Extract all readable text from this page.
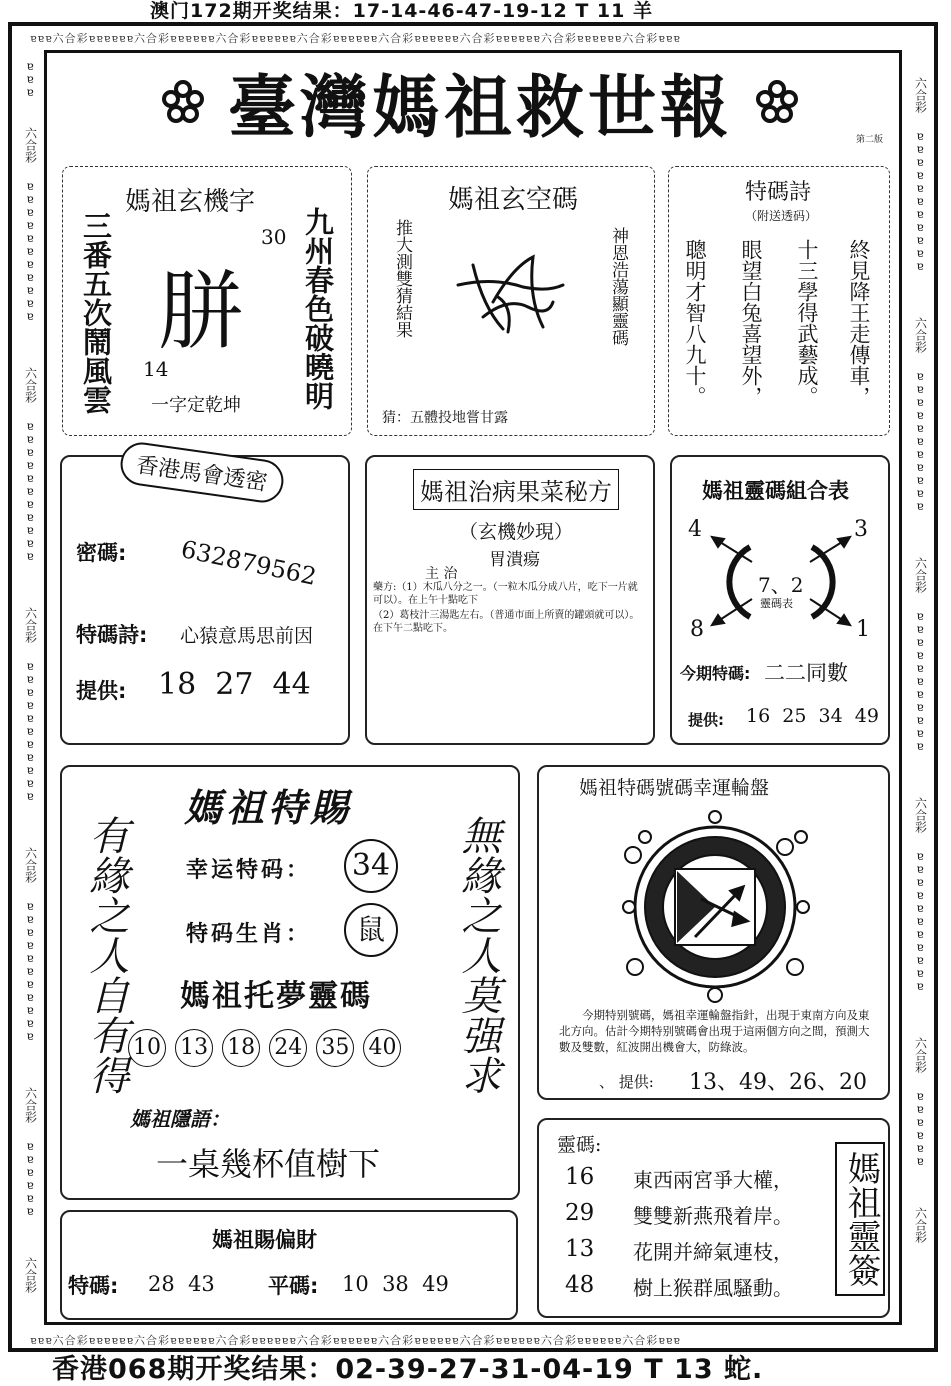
澳门172期开奖结果：17-14-46-47-19-12 T 11 羊
香港068期开奖结果：02-39-27-31-04-19 T 13 蛇.
ɐɐɐ六合彩ɐɐɐɐɐɐ六合彩ɐɐɐɐɐɐ六合彩ɐɐɐɐɐɐ六合彩ɐɐɐɐɐɐ六合彩ɐɐɐɐɐɐ六合彩ɐɐɐɐɐɐ六合彩ɐɐɐɐɐɐ六合彩ɐɐɐ
ɐɐɐ六合彩ɐɐɐɐɐɐ六合彩ɐɐɐɐɐɐ六合彩ɐɐɐɐɐɐ六合彩ɐɐɐɐɐɐ六合彩ɐɐɐɐɐɐ六合彩ɐɐɐɐɐɐ六合彩ɐɐɐɐɐɐ六合彩ɐɐɐ
ɐ
ɐ
ɐ
六合彩
ɐ
ɐ
ɐ
ɐ
ɐ
ɐ
ɐ
ɐ
ɐ
ɐ
ɐ
六合彩
ɐ
ɐ
ɐ
ɐ
ɐ
ɐ
ɐ
ɐ
ɐ
ɐ
ɐ
六合彩
ɐ
ɐ
ɐ
ɐ
ɐ
ɐ
ɐ
ɐ
ɐ
ɐ
ɐ
六合彩
ɐ
ɐ
ɐ
ɐ
ɐ
ɐ
ɐ
ɐ
ɐ
ɐ
ɐ
六合彩
ɐ
ɐ
ɐ
ɐ
ɐ
ɐ
六合彩
六合彩
ɐ
ɐ
ɐ
ɐ
ɐ
ɐ
ɐ
ɐ
ɐ
ɐ
ɐ
六合彩
ɐ
ɐ
ɐ
ɐ
ɐ
ɐ
ɐ
ɐ
ɐ
ɐ
ɐ
六合彩
ɐ
ɐ
ɐ
ɐ
ɐ
ɐ
ɐ
ɐ
ɐ
ɐ
ɐ
六合彩
ɐ
ɐ
ɐ
ɐ
ɐ
ɐ
ɐ
ɐ
ɐ
ɐ
ɐ
六合彩
ɐ
ɐ
ɐ
ɐ
ɐ
ɐ
六合彩
臺灣媽祖救世報	第二版
媽祖玄機字
三番五次鬧風雲	九州春色破曉明
胼
30
14
一字定乾坤
媽祖玄空碼
推大測雙猜結果	神恩浩蕩顯靈碼
猜：五體投地嘗甘露
特碼詩
（附送透码）
終見降王走傳車，
十三學得武藝成。
眼望白兔喜望外，
聰明才智八九十。
香港馬會透密
密碼: 632879562
特碼詩: 心猿意馬思前因
提供: 18  27  44
媽祖治病果菜秘方
（玄機妙現）
胃潰瘍
主 治
藥方:（1）木瓜八分之一。（一粒木瓜分成八片，吃下一片就可以）。在上午十點吃下
（2）葛枝汁三湯匙左右。（普通市面上所賣的罐頭就可以）。在下午二點吃下。
媽祖靈碼組合表
4	3
8	1
7、2
靈碼表
今期特碼: 二二同數
提供: 16  25  34  49
媽祖特賜
有緣之人自有得	無緣之人莫强求
幸运特码： 34
特码生肖：	鼠
媽祖托夢靈碼
10 13 18 24 35 40
媽祖隱語：
一桌幾杯值樹下
媽祖特碼號碼幸運輪盤
今期特别號碼，媽祖幸運輪盤指針，出現于東南方向及東北方向。估計今期特别號碼會出現于這兩個方向之間，預測大數及雙數，紅波開出機會大，防綠波。
、 提供: 13、49、26、20
靈碼:
16 東西兩宮爭大權，
29 雙雙新燕飛着岸。
13 花開并締氣連枝，
48 樹上猴群風騷動。
媽祖靈簽
媽祖賜偏財
特碼: 28  43	平碼: 10  38  49
